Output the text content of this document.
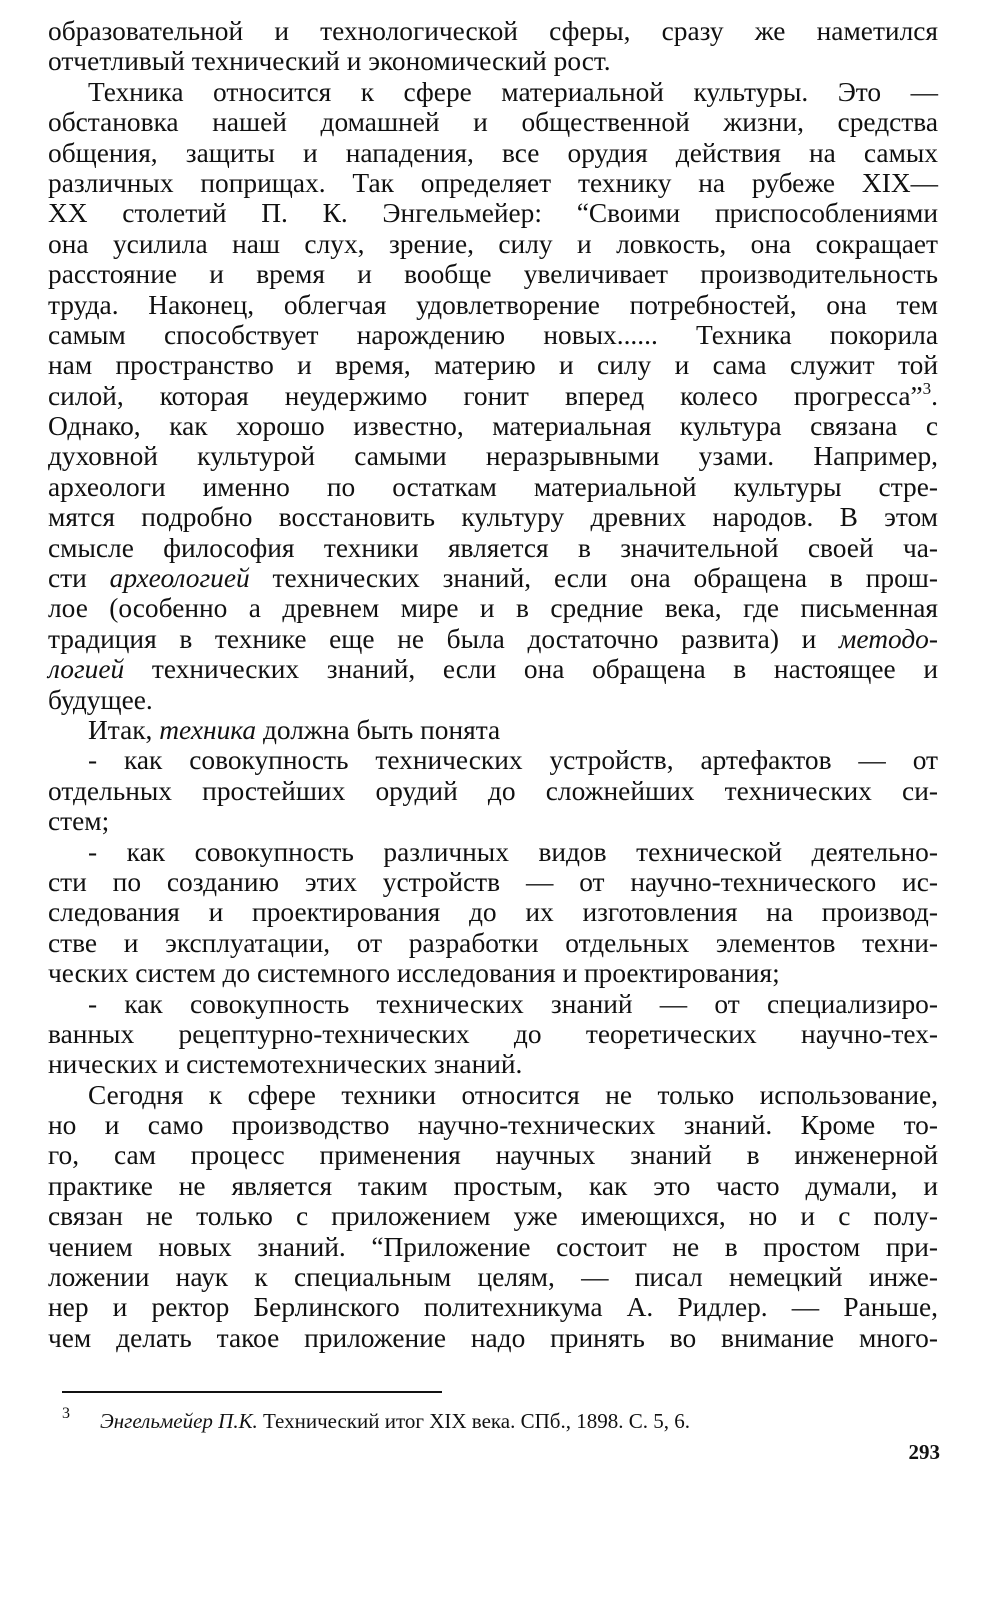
образовательной и технологической сферы, сразу же наметился
отчетливый технический и экономический рост.
Техника относится к сфере материальной культуры. Это —
обстановка нашей домашней и общественной жизни, средства
общения, защиты и нападения, все орудия действия на самых
различных поприщах. Так определяет технику на рубеже XIX—
XX столетий П. К. Энгельмейер: “Своими приспособлениями
она усилила наш слух, зрение, силу и ловкость, она сокращает
расстояние и время и вообще увеличивает производительность
труда. Наконец, облегчая удовлетворение потребностей, она тем
самым способствует нарождению новых...... Техника покорила
нам пространство и время, материю и силу и сама служит той
силой, которая неудержимо гонит вперед колесо прогресса”$^3$.
Однако, как хорошо известно, материальная культура связана с
духовной культурой самыми неразрывными узами. Например,
археологи именно по остаткам материальной культуры стре-
мятся подробно восстановить культуру древних народов. В этом
смысле философия техники является в значительной своей ча-
сти археологией технических знаний, если она обращена в прош-
лое (особенно а древнем мире и в средние века, где письменная
традиция в технике еще не была достаточно развита) и методо-
логией технических знаний, если она обращена в настоящее и
будущее.
Итак, техника должна быть понята
- как совокупность технических устройств, артефактов — от
отдельных простейших орудий до сложнейших технических си-
стем;
- как совокупность различных видов технической деятельно-
сти по созданию этих устройств — от научно-технического ис-
следования и проектирования до их изготовления на производ-
стве и эксплуатации, от разработки отдельных элементов техни-
ческих систем до системного исследования и проектирования;
- как совокупность технических знаний — от специализиро-
ванных рецептурно-технических до теоретических научно-тех-
нических и системотехнических знаний.
Сегодня к сфере техники относится не только использование,
но и само производство научно-технических знаний. Кроме то-
го, сам процесс применения научных знаний в инженерной
практике не является таким простым, как это часто думали, и
связан не только с приложением уже имеющихся, но и с полу-
чением новых знаний. “Приложение состоит не в простом при-
ложении наук к специальным целям, — писал немецкий инже-
нер и ректор Берлинского политехникума А. Ридлер. — Раньше,
чем делать такое приложение надо принять во внимание много-
$^3$ Энгельмейер П.К. Технический итог XIX века. СПб., 1898. С. 5, 6.
293
